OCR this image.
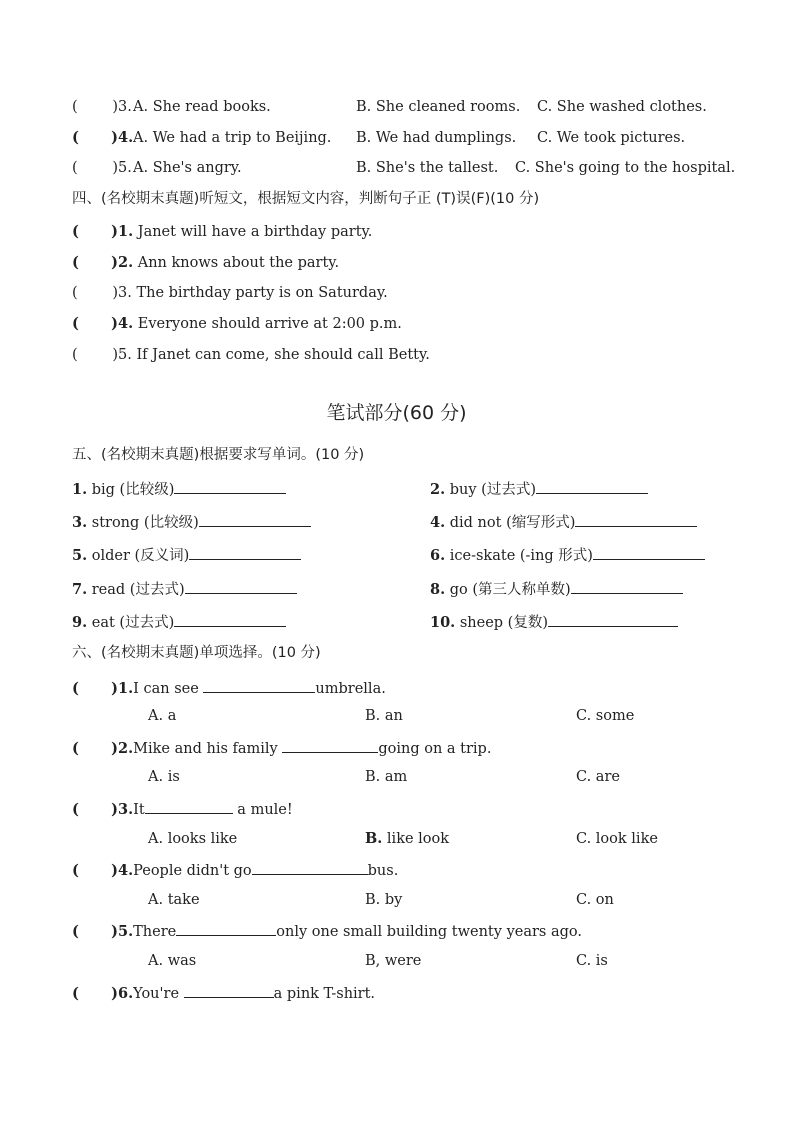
( ) 3. A. She read books.	B. She cleaned rooms. C. She washed clothes.
( ) 4. A. We had a trip to Beijing. B. We had dumplings. C. We took pictures.
( ) 5. A. She's angry.	B. She's the tallest. C. She's going to the hospital.
四、(名校期末真题)听短文，根据短文内容，判断句子正 (T)误(F)(10 分)
( ) 1. Janet will have a birthday party.
( ) 2. Ann knows about the party.
( ) 3. The birthday party is on Saturday.
( ) 4. Everyone should arrive at 2:00 p.m.
( ) 5. If Janet can come, she should call Betty.
笔试部分(60 分)
五、(名校期末真题)根据要求写单词。(10 分)
1. big (比较级)	2. buy (过去式)
3. strong (比较级)	4. did not (缩写形式)
5. older (反义词)	6. ice-skate (-ing 形式)
7. read (过去式)	8. go (第三人称单数)
9. eat (过去式)	10. sheep (复数)
六、(名校期末真题)单项选择。(10 分)
( ) 1.I can see	umbrella.
A. a	B. an	C. some
( ) 2.Mike and his family	going on a trip.
A. is	B. am	C. are
( ) 3.It	a mule!
A. looks like	B. like look	C. look like
( ) 4.People didn't go	bus.
A. take	B. by	C. on
( ) 5.There	only one small building twenty years ago.
A. was	B, were	C. is
( ) 6.You're	a pink T-shirt.
